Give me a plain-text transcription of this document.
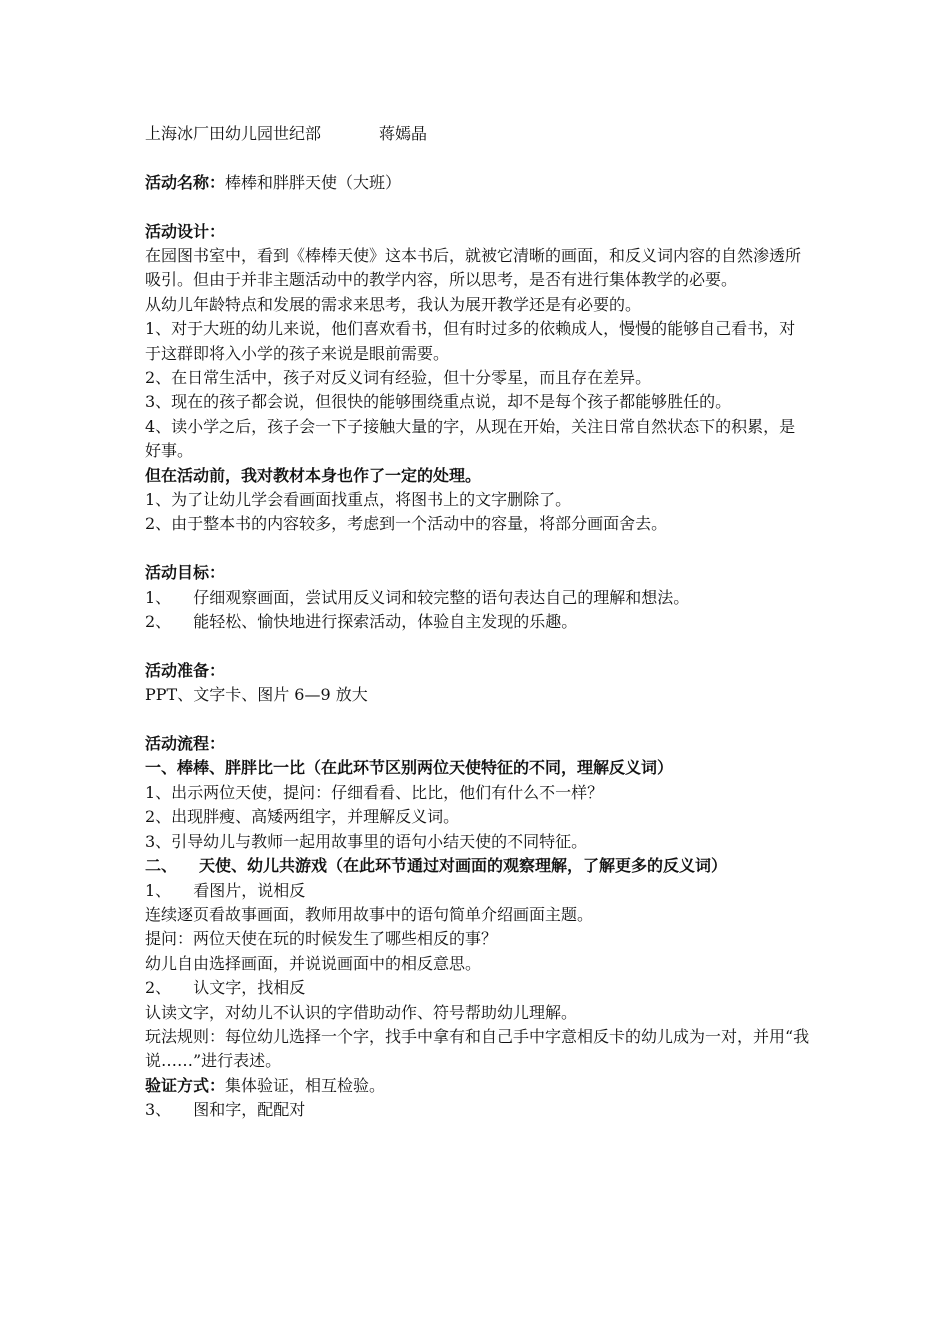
上海冰厂田幼儿园世纪部	蒋嫣晶
活动名称：棒棒和胖胖天使（大班）
活动设计：
在园图书室中，看到《棒棒天使》这本书后，就被它清晰的画面，和反义词内容的自然渗透所吸引。但由于并非主题活动中的教学内容，所以思考，是否有进行集体教学的必要。
从幼儿年龄特点和发展的需求来思考，我认为展开教学还是有必要的。
1、对于大班的幼儿来说，他们喜欢看书，但有时过多的依赖成人，慢慢的能够自己看书，对于这群即将入小学的孩子来说是眼前需要。
2、在日常生活中，孩子对反义词有经验，但十分零星，而且存在差异。
3、现在的孩子都会说，但很快的能够围绕重点说，却不是每个孩子都能够胜任的。
4、读小学之后，孩子会一下子接触大量的字，从现在开始，关注日常自然状态下的积累，是好事。
但在活动前，我对教材本身也作了一定的处理。
1、为了让幼儿学会看画面找重点，将图书上的文字删除了。
2、由于整本书的内容较多，考虑到一个活动中的容量，将部分画面舍去。
活动目标：
1、 仔细观察画面，尝试用反义词和较完整的语句表达自己的理解和想法。
2、 能轻松、愉快地进行探索活动，体验自主发现的乐趣。
活动准备：
PPT、文字卡、图片 6—9 放大
活动流程：
一、棒棒、胖胖比一比（在此环节区别两位天使特征的不同，理解反义词）
1、出示两位天使，提问：仔细看看、比比，他们有什么不一样？
2、出现胖瘦、高矮两组字，并理解反义词。
3、引导幼儿与教师一起用故事里的语句小结天使的不同特征。
二、 天使、幼儿共游戏（在此环节通过对画面的观察理解，了解更多的反义词）
1、 看图片，说相反
连续逐页看故事画面，教师用故事中的语句简单介绍画面主题。
提问：两位天使在玩的时候发生了哪些相反的事？
幼儿自由选择画面，并说说画面中的相反意思。
2、 认文字，找相反
认读文字，对幼儿不认识的字借助动作、符号帮助幼儿理解。
玩法规则：每位幼儿选择一个字，找手中拿有和自己手中字意相反卡的幼儿成为一对，并用“我说……”进行表述。
验证方式：集体验证，相互检验。
3、 图和字，配配对
